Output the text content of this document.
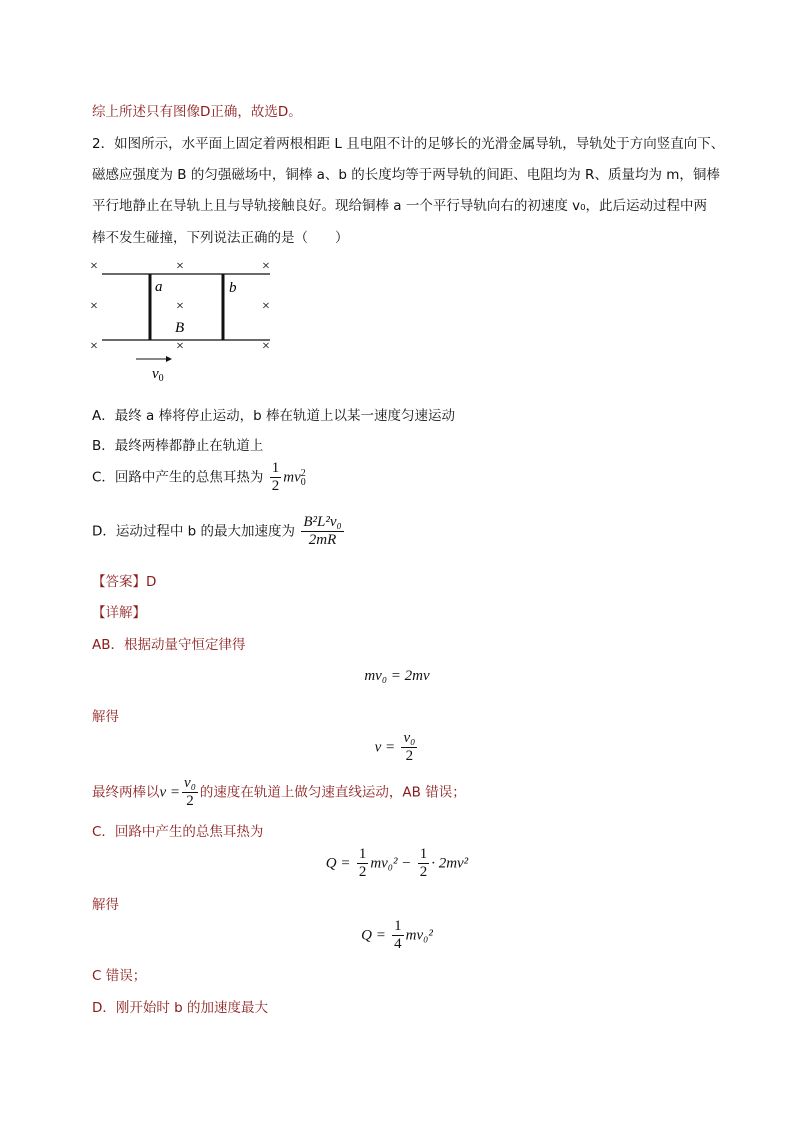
综上所述只有图像D正确，故选D。
2．如图所示，水平面上固定着两根相距 L 且电阻不计的足够长的光滑金属导轨，导轨处于方向竖直向下、
磁感应强度为 B 的匀强磁场中，铜棒 a、b 的长度均等于两导轨的间距、电阻均为 R、质量均为 m，铜棒
平行地静止在导轨上且与导轨接触良好。现给铜棒 a 一个平行导轨向右的初速度 v₀，此后运动过程中两
棒不发生碰撞，下列说法正确的是（　　）
×	×	×
×	×	×
×	×	×
a	b
B
$v_0$
A．最终 a 棒将停止运动，b 棒在轨道上以某一速度匀速运动
B．最终两棒都静止在轨道上
C．回路中产生的总焦耳热为 $\frac{1}{2} mv_0^2$
D．运动过程中 b 的最大加速度为 $\frac{\text{B²L²v₀}}{2mR}$
【答案】D
【详解】
AB．根据动量守恒定律得
mv₀ = 2mv
解得
$v = \frac{\text{v₀}}{2}$
最终两棒以$v = \frac{\text{v₀}}{2}$ 的速度在轨道上做匀速直线运动，AB 错误；
C．回路中产生的总焦耳热为
$Q = \frac{1}{2} mv_0^2 - \frac{1}{2} \cdot 2mv^2$
解得
$Q = \frac{1}{4} mv_0^2$
C 错误；
D．刚开始时 b 的加速度最大
